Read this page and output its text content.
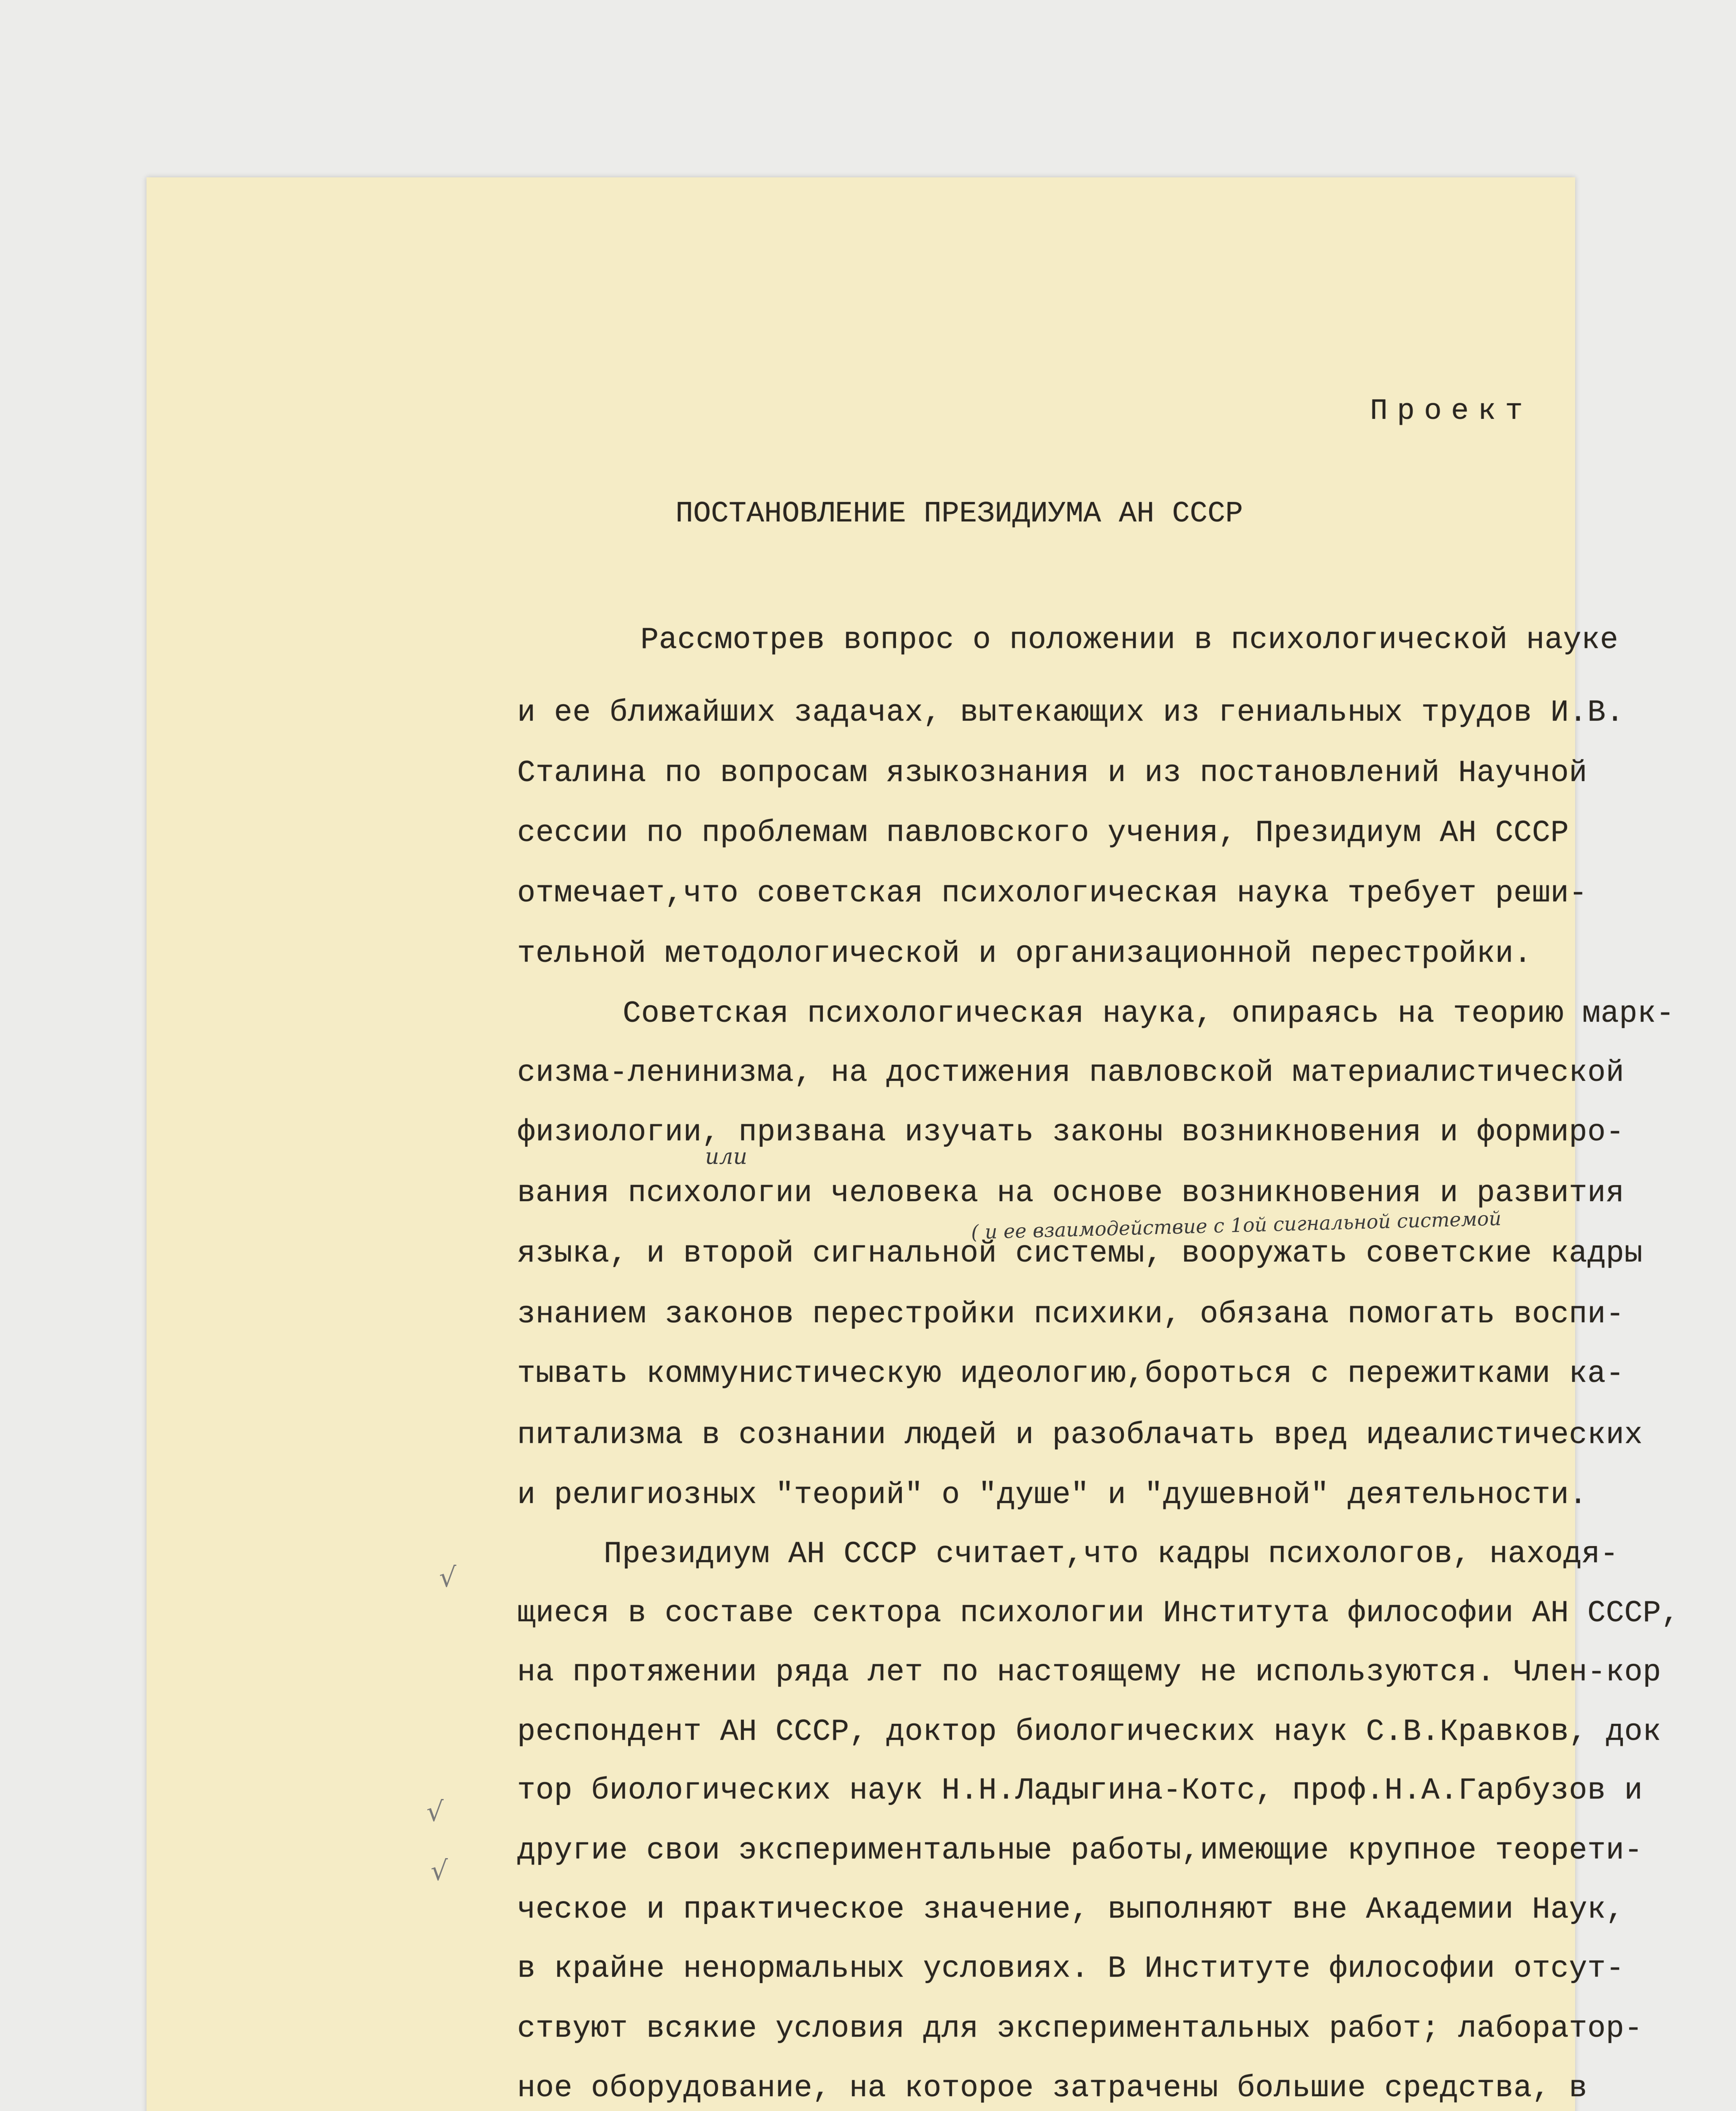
Проект
ПОСТАНОВЛЕНИЕ ПРЕЗИДИУМА АН СССР
Рассмотрев вопрос о положении в психологической науке
и ее ближайших задачах, вытекающих из гениальных трудов И.В.
Сталина по вопросам языкознания и из постановлений Научной
сессии по проблемам павловского учения, Президиум АН СССР
отмечает,что советская психологическая наука требует реши-
тельной методологической и организационной перестройки.
Советская психологическая наука, опираясь на теорию марк-
сизма-ленинизма, на достижения павловской материалистической
физиологии, призвана изучать законы возникновения и формиро-
вания психологии человека на основе возникновения и развития
языка, и второй сигнальной системы, вооружать советские кадры
знанием законов перестройки психики, обязана помогать воспи-
тывать коммунистическую идеологию,бороться с пережитками ка-
питализма в сознании людей и разоблачать вред идеалистических
и религиозных "теорий" о "душе" и "душевной" деятельности.
Президиум АН СССР считает,что кадры психологов, находя-
щиеся в составе сектора психологии Института философии АН СССР,
на протяжении ряда лет по настоящему не используются. Член-кор
респондент АН СССР, доктор биологических наук С.В.Кравков, док
тор биологических наук Н.Н.Ладыгина-Котс, проф.Н.А.Гарбузов и
другие свои экспериментальные работы,имеющие крупное теорети-
ческое и практическое значение, выполняют вне Академии Наук,
в крайне ненормальных условиях. В Институте философии отсут-
ствуют всякие условия для экспериментальных работ; лаборатор-
ное оборудование, на которое затрачены большие средства, в
или
( и ее взаимодействие с 1ой сигнальной системой
√
√
√
